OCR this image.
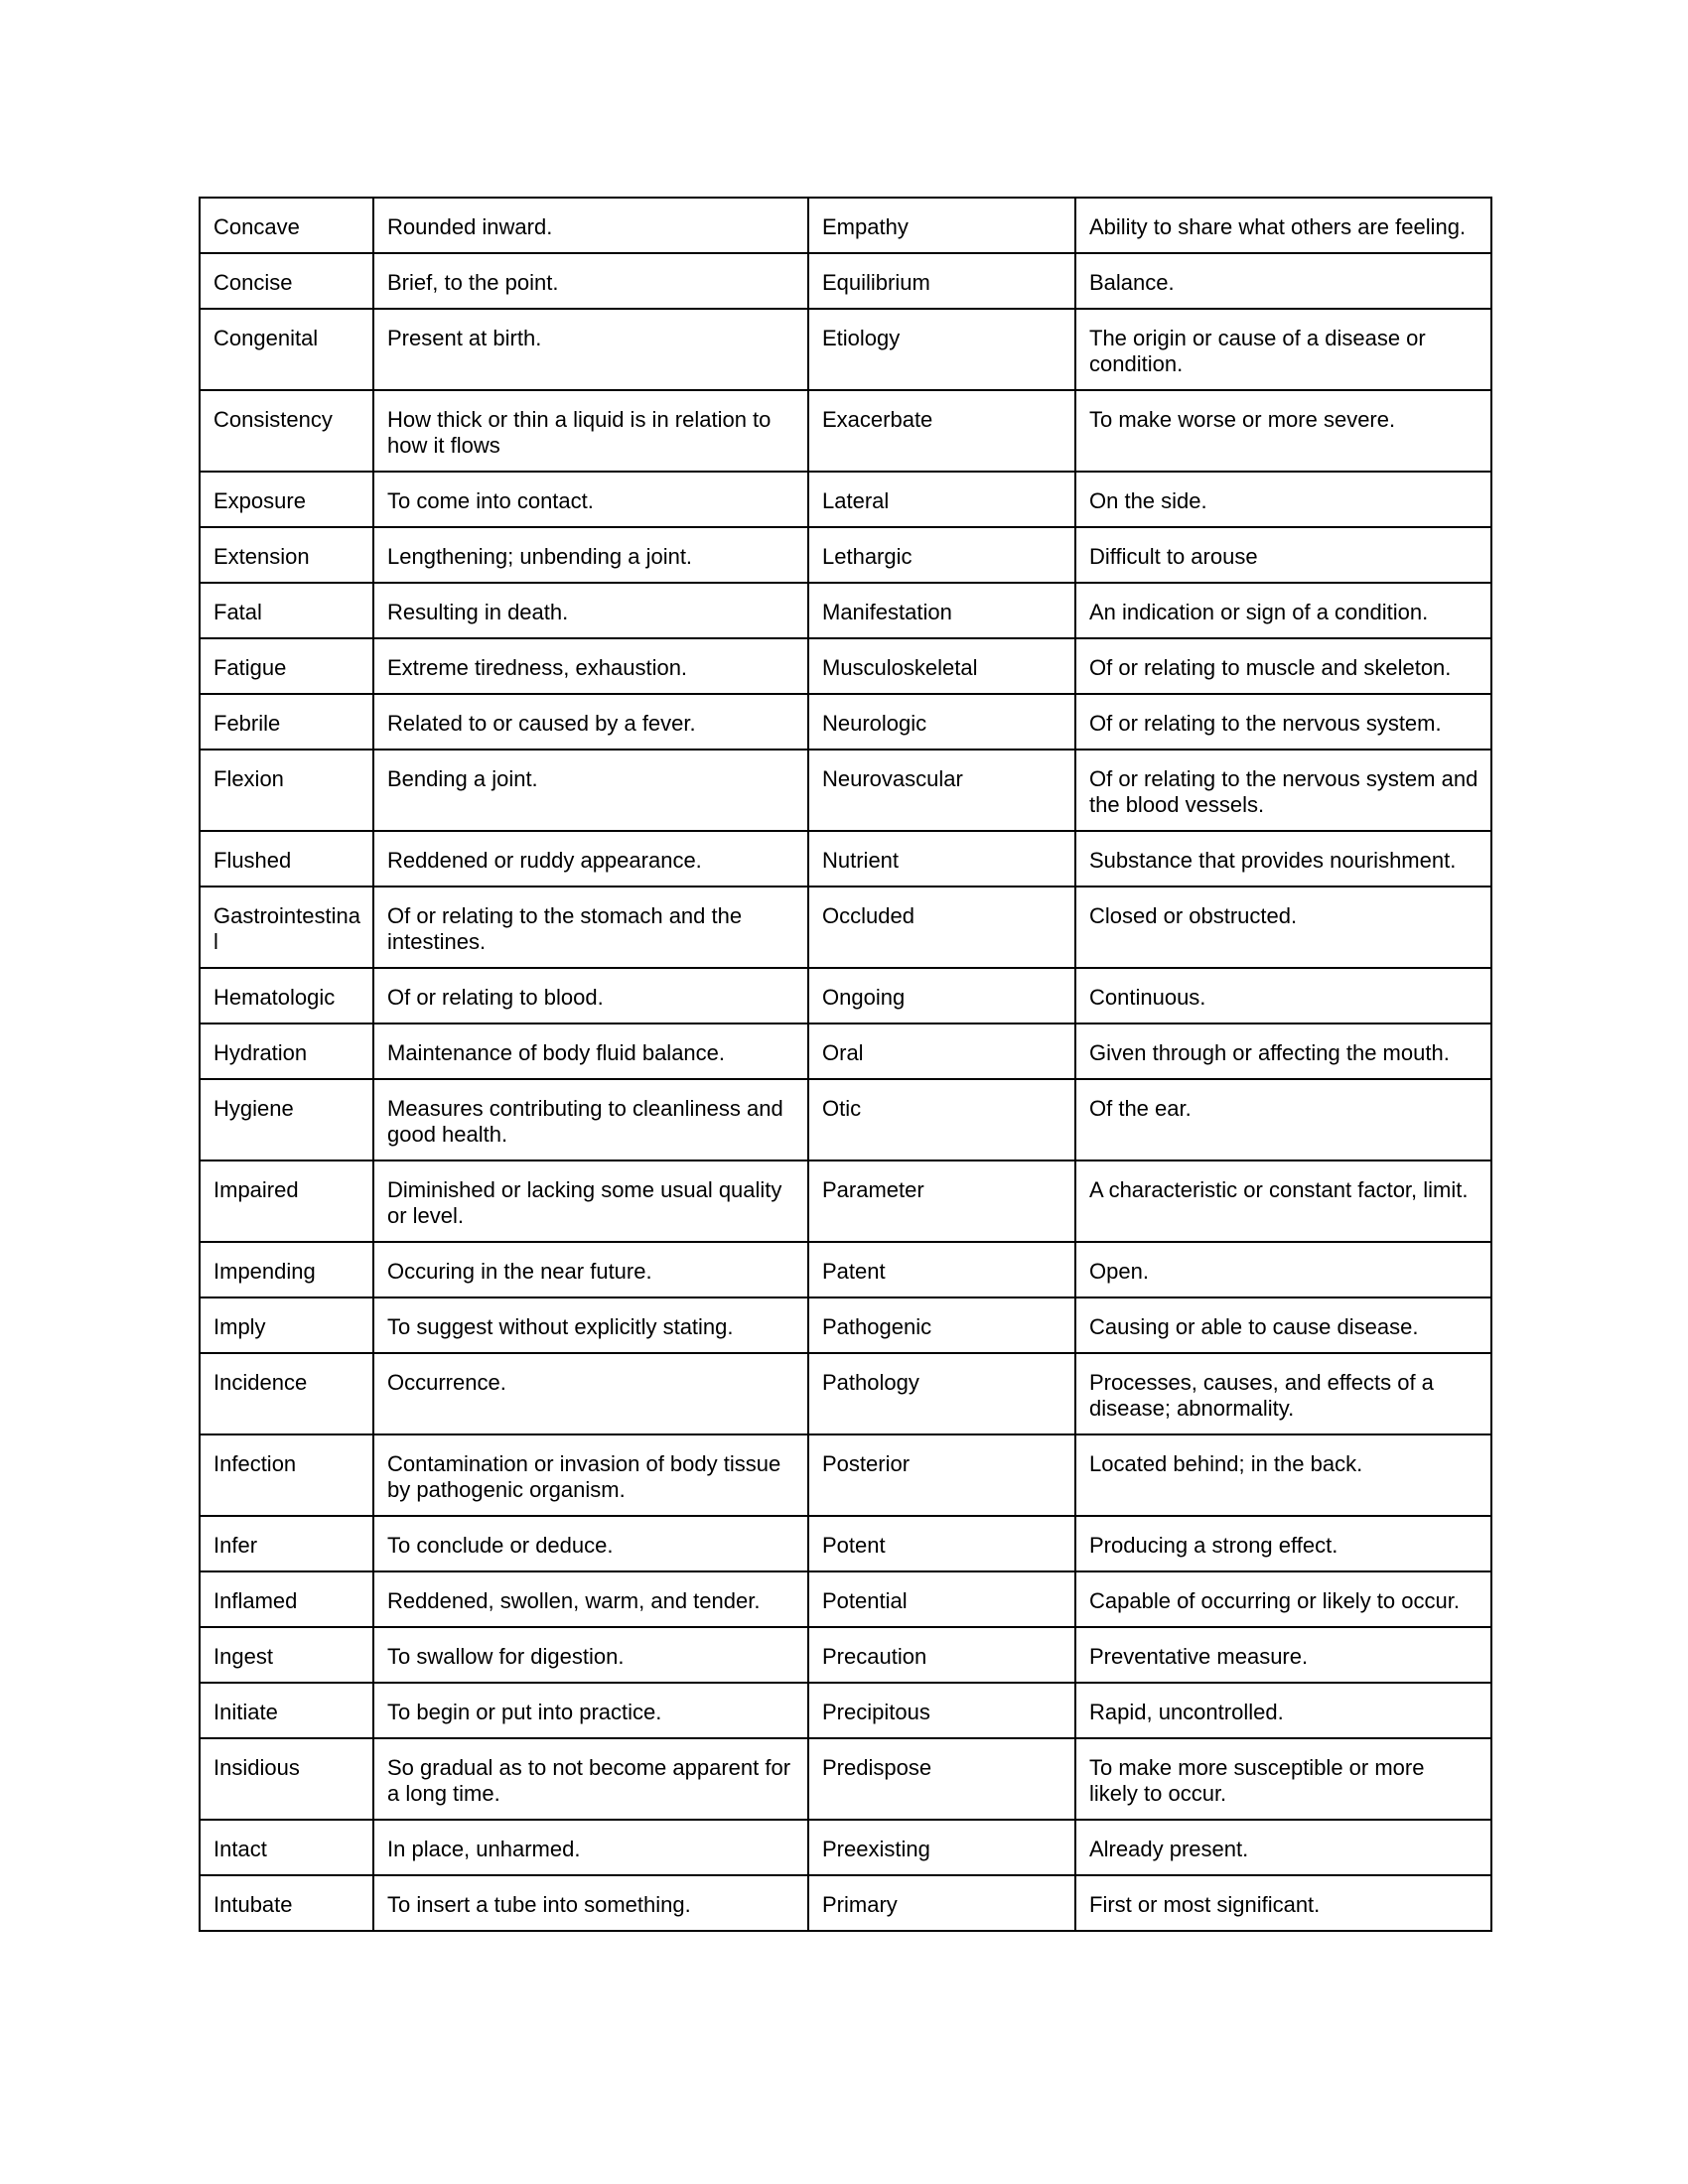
Concave	Rounded inward.	Empathy	Ability to share what others are feeling.
Concise	Brief, to the point.	Equilibrium	Balance.
Congenital	Present at birth.	Etiology	The origin or cause of a disease or condition.
Consistency	How thick or thin a liquid is in relation to how it flows	Exacerbate	To make worse or more severe.
Exposure	To come into contact.	Lateral	On the side.
Extension	Lengthening; unbending a joint.	Lethargic	Difficult to arouse
Fatal	Resulting in death.	Manifestation	An indication or sign of a condition.
Fatigue	Extreme tiredness, exhaustion.	Musculoskeletal	Of or relating to muscle and skeleton.
Febrile	Related to or caused by a fever.	Neurologic	Of or relating to the nervous system.
Flexion	Bending a joint.	Neurovascular	Of or relating to the nervous system and the blood vessels.
Flushed	Reddened or ruddy appearance.	Nutrient	Substance that provides nourishment.
Gastrointestinal	Of or relating to the stomach and the intestines.	Occluded	Closed or obstructed.
Hematologic	Of or relating to blood.	Ongoing	Continuous.
Hydration	Maintenance of body fluid balance.	Oral	Given through or affecting the mouth.
Hygiene	Measures contributing to cleanliness and good health.	Otic	Of the ear.
Impaired	Diminished or lacking some usual quality or level.	Parameter	A characteristic or constant factor, limit.
Impending	Occuring in the near future.	Patent	Open.
Imply	To suggest without explicitly stating.	Pathogenic	Causing or able to cause disease.
Incidence	Occurrence.	Pathology	Processes, causes, and effects of a disease; abnormality.
Infection	Contamination or invasion of body tissue by pathogenic organism.	Posterior	Located behind; in the back.
Infer	To conclude or deduce.	Potent	Producing a strong effect.
Inflamed	Reddened, swollen, warm, and tender.	Potential	Capable of occurring or likely to occur.
Ingest	To swallow for digestion.	Precaution	Preventative measure.
Initiate	To begin or put into practice.	Precipitous	Rapid, uncontrolled.
Insidious	So gradual as to not become apparent for a long time.	Predispose	To make more susceptible or more likely to occur.
Intact	In place, unharmed.	Preexisting	Already present.
Intubate	To insert a tube into something.	Primary	First or most significant.
